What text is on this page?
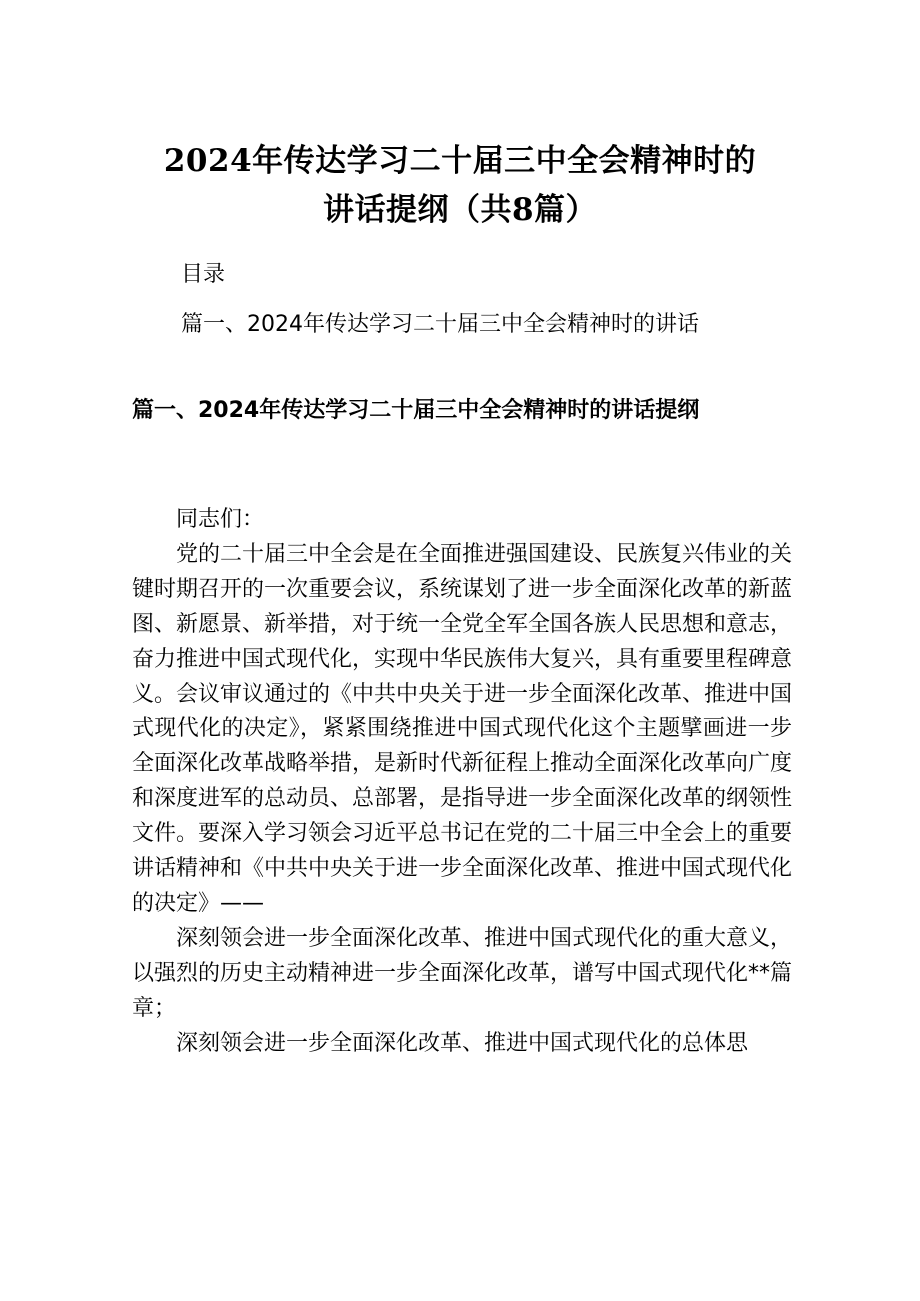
2024年传达学习二十届三中全会精神时的
讲话提纲（共8篇）
目录
篇一、2024年传达学习二十届三中全会精神时的讲话
篇一、2024年传达学习二十届三中全会精神时的讲话提纲

同志们：

党的二十届三中全会是在全面推进强国建设、民族复兴伟业的关键时期召开的一次重要会议，系统谋划了进一步全面深化改革的新蓝图、新愿景、新举措，对于统一全党全军全国各族人民思想和意志，奋力推进中国式现代化，实现中华民族伟大复兴，具有重要里程碑意义。会议审议通过的《中共中央关于进一步全面深化改革、推进中国式现代化的决定》，紧紧围绕推进中国式现代化这个主题擘画进一步全面深化改革战略举措，是新时代新征程上推动全面深化改革向广度和深度进军的总动员、总部署，是指导进一步全面深化改革的纲领性文件。要深入学习领会习近平总书记在党的二十届三中全会上的重要讲话精神和《中共中央关于进一步全面深化改革、推进中国式现代化的决定》——

深刻领会进一步全面深化改革、推进中国式现代化的重大意义，以强烈的历史主动精神进一步全面深化改革，谱写中国式现代化**篇章；

深刻领会进一步全面深化改革、推进中国式现代化的总体思
